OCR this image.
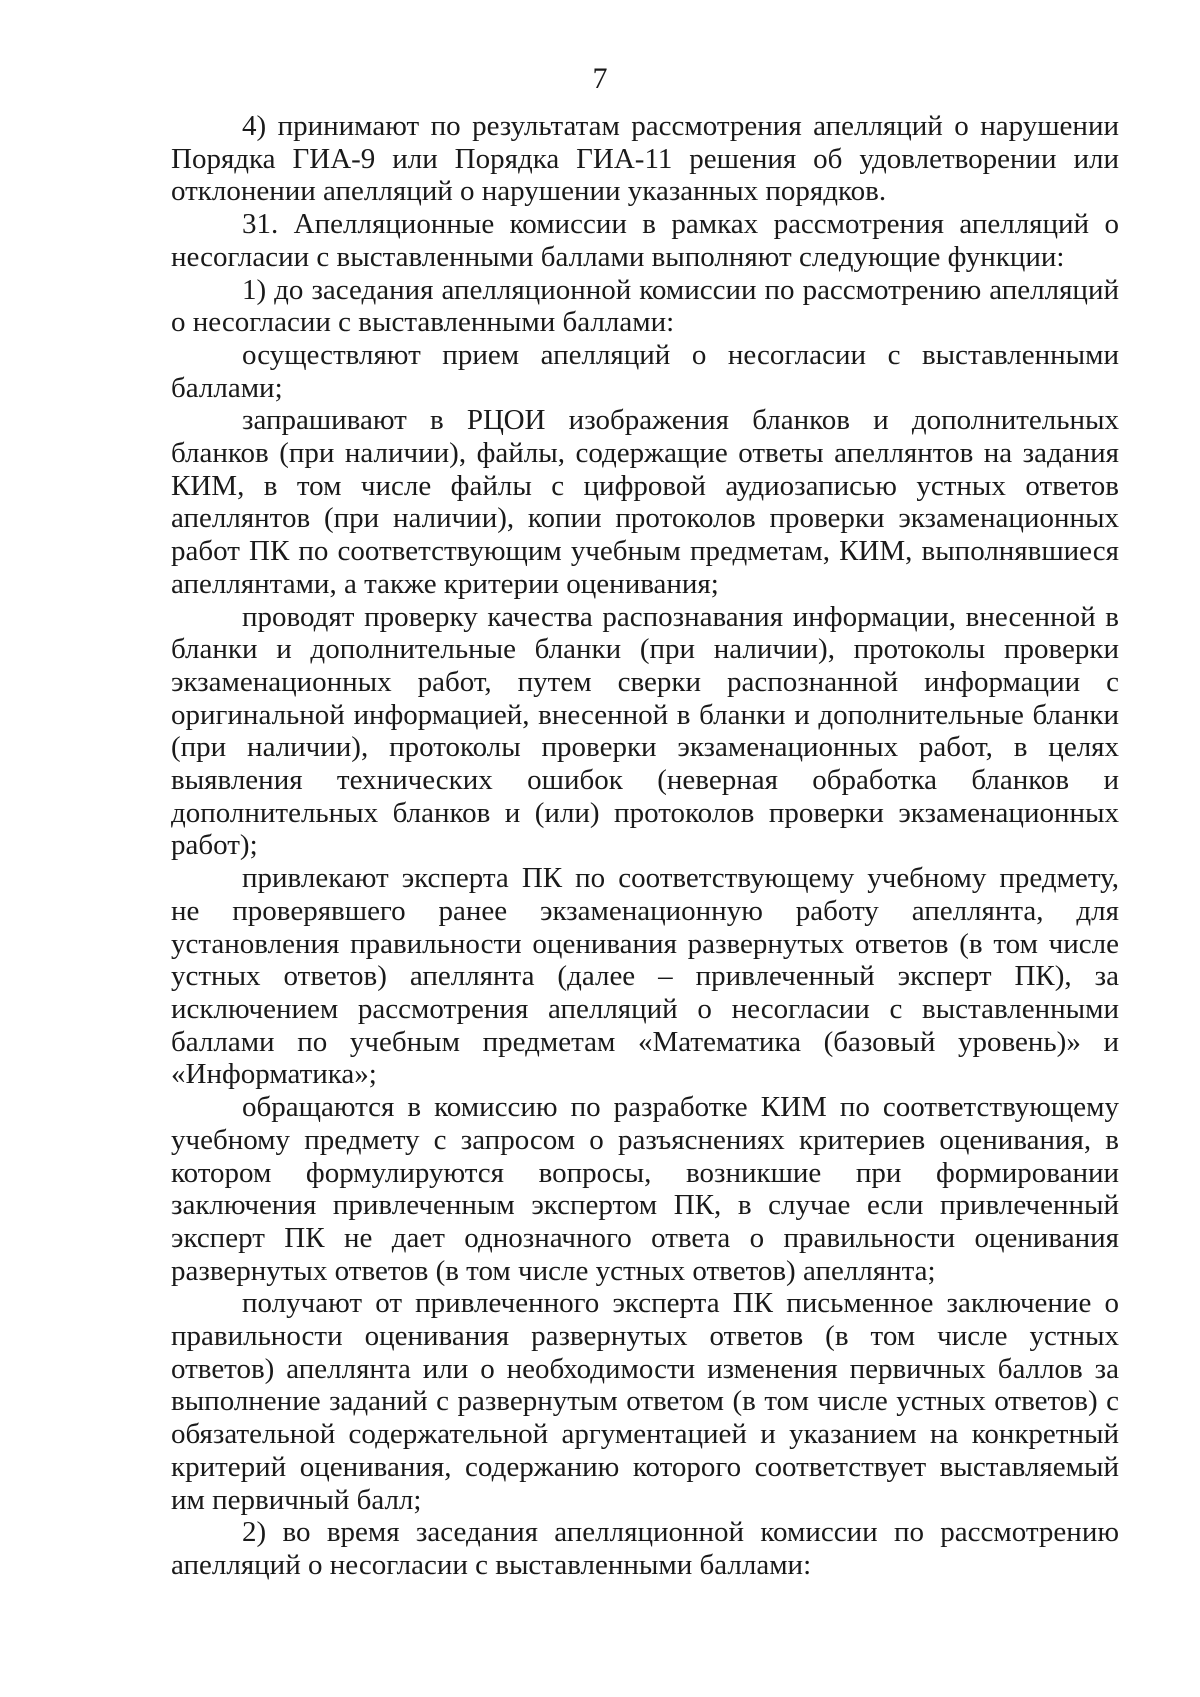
7

4) принимают по результатам рассмотрения апелляций о нарушении Порядка ГИА-9 или Порядка ГИА-11 решения об удовлетворении или отклонении апелляций о нарушении указанных порядков.

31. Апелляционные комиссии в рамках рассмотрения апелляций о несогласии с выставленными баллами выполняют следующие функции:

1) до заседания апелляционной комиссии по рассмотрению апелляций о несогласии с выставленными баллами:

осуществляют прием апелляций о несогласии с выставленными баллами;

запрашивают в РЦОИ изображения бланков и дополнительных бланков (при наличии), файлы, содержащие ответы апеллянтов на задания КИМ, в том числе файлы с цифровой аудиозаписью устных ответов апеллянтов (при наличии), копии протоколов проверки экзаменационных работ ПК по соответствующим учебным предметам, КИМ, выполнявшиеся апеллянтами, а также критерии оценивания;

проводят проверку качества распознавания информации, внесенной в бланки и дополнительные бланки (при наличии), протоколы проверки экзаменационных работ, путем сверки распознанной информации с оригинальной информацией, внесенной в бланки и дополнительные бланки (при наличии), протоколы проверки экзаменационных работ, в целях выявления технических ошибок (неверная обработка бланков и дополнительных бланков и (или) протоколов проверки экзаменационных работ);

привлекают эксперта ПК по соответствующему учебному предмету, не проверявшего ранее экзаменационную работу апеллянта, для установления правильности оценивания развернутых ответов (в том числе устных ответов) апеллянта (далее – привлеченный эксперт ПК), за исключением рассмотрения апелляций о несогласии с выставленными баллами по учебным предметам «Математика (базовый уровень)» и «Информатика»;

обращаются в комиссию по разработке КИМ по соответствующему учебному предмету с запросом о разъяснениях критериев оценивания, в котором формулируются вопросы, возникшие при формировании заключения привлеченным экспертом ПК, в случае если привлеченный эксперт ПК не дает однозначного ответа о правильности оценивания развернутых ответов (в том числе устных ответов) апеллянта;

получают от привлеченного эксперта ПК письменное заключение о правильности оценивания развернутых ответов (в том числе устных ответов) апеллянта или о необходимости изменения первичных баллов за выполнение заданий с развернутым ответом (в том числе устных ответов) с обязательной содержательной аргументацией и указанием на конкретный критерий оценивания, содержанию которого соответствует выставляемый им первичный балл;

2) во время заседания апелляционной комиссии по рассмотрению апелляций о несогласии с выставленными баллами:
